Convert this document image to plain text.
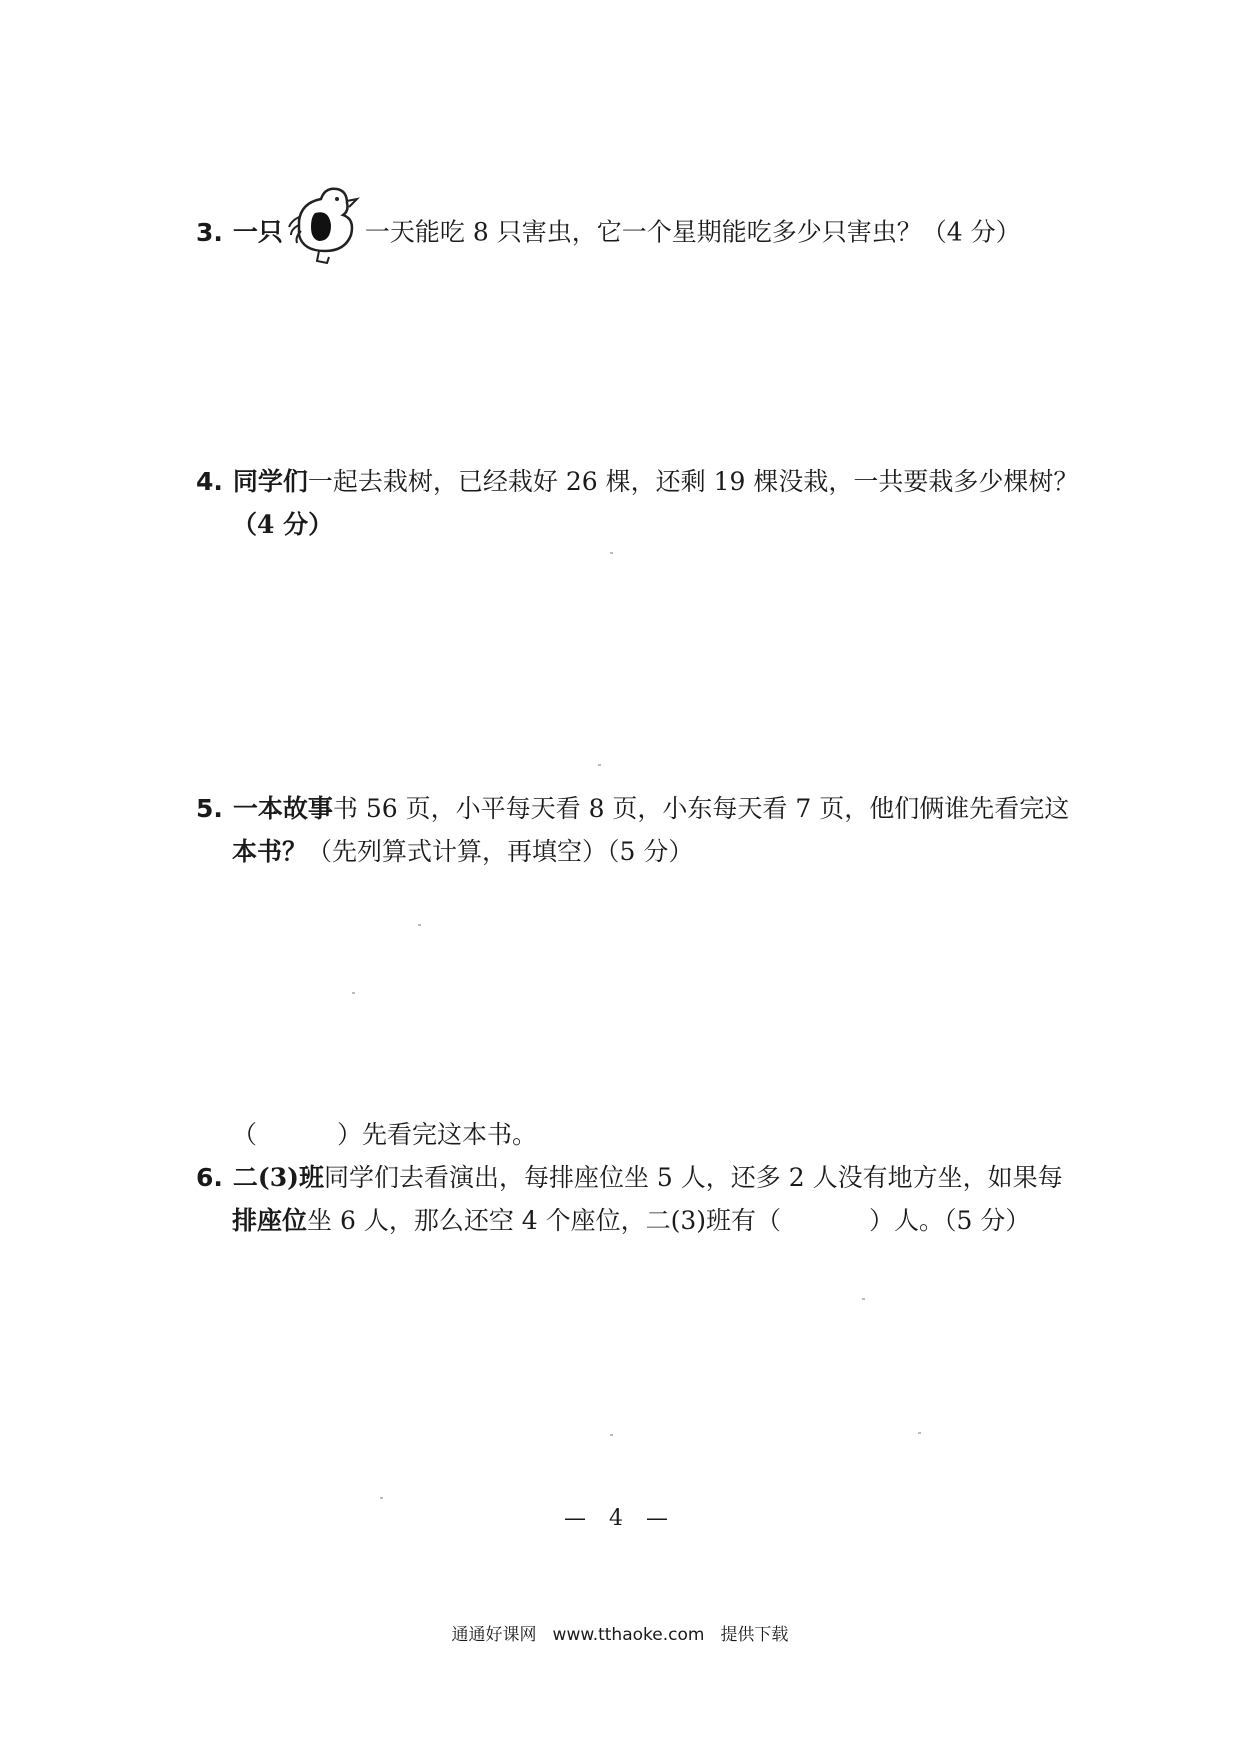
3. 一只	一天能吃 8 只害虫，它一个星期能吃多少只害虫？（4 分）
4. 同学们一起去栽树，已经栽好 26 棵，还剩 19 棵没栽，一共要栽多少棵树？
（4 分）
5. 一本故事书 56 页，小平每天看 8 页，小东每天看 7 页，他们俩谁先看完这
本书？（先列算式计算，再填空）（5 分）
（	）先看完这本书。
6. 二(3)班同学们去看演出，每排座位坐 5 人，还多 2 人没有地方坐，如果每
排座位坐 6 人，那么还空 4 个座位，二(3)班有（	）人。（5 分）
— 4 —
通通好课网 www.tthaoke.com 提供下载
